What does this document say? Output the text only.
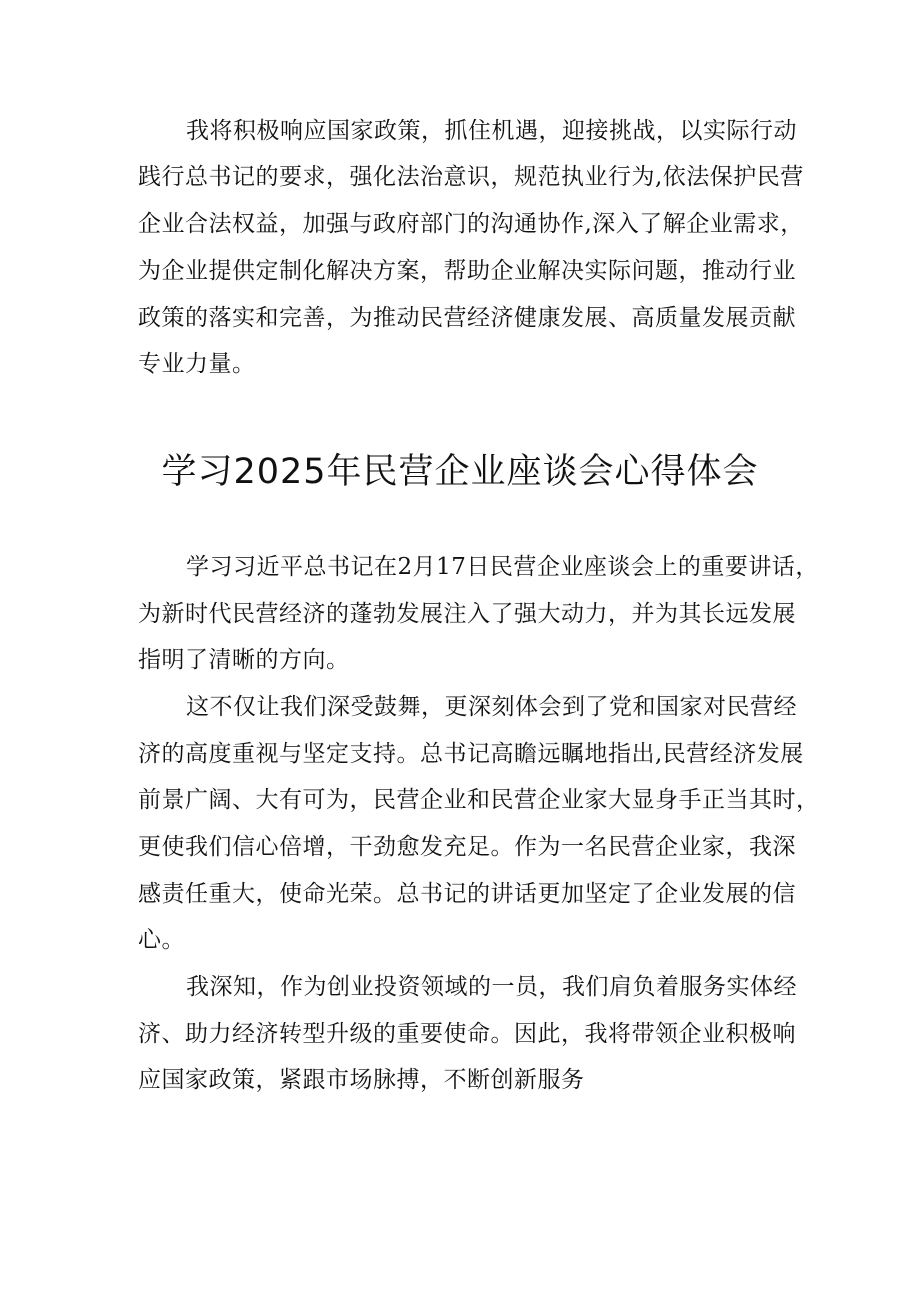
我将积极响应国家政策，抓住机遇，迎接挑战，以实际行动

践行总书记的要求，强化法治意识，规范执业行为,依法保护民营

企业合法权益，加强与政府部门的沟通协作,深入了解企业需求，

为企业提供定制化解决方案，帮助企业解决实际问题，推动行业

政策的落实和完善，为推动民营经济健康发展、高质量发展贡献

专业力量。

学习2025年民营企业座谈会心得体会

学习习近平总书记在2月17日民营企业座谈会上的重要讲话，

为新时代民营经济的蓬勃发展注入了强大动力，并为其长远发展

指明了清晰的方向。

这不仅让我们深受鼓舞，更深刻体会到了党和国家对民营经

济的高度重视与坚定支持。总书记高瞻远瞩地指出,民营经济发展

前景广阔、大有可为，民营企业和民营企业家大显身手正当其时，

更使我们信心倍增，干劲愈发充足。作为一名民营企业家，我深

感责任重大，使命光荣。总书记的讲话更加坚定了企业发展的信

心。

我深知，作为创业投资领域的一员，我们肩负着服务实体经

济、助力经济转型升级的重要使命。因此，我将带领企业积极响

应国家政策，紧跟市场脉搏，不断创新服务
